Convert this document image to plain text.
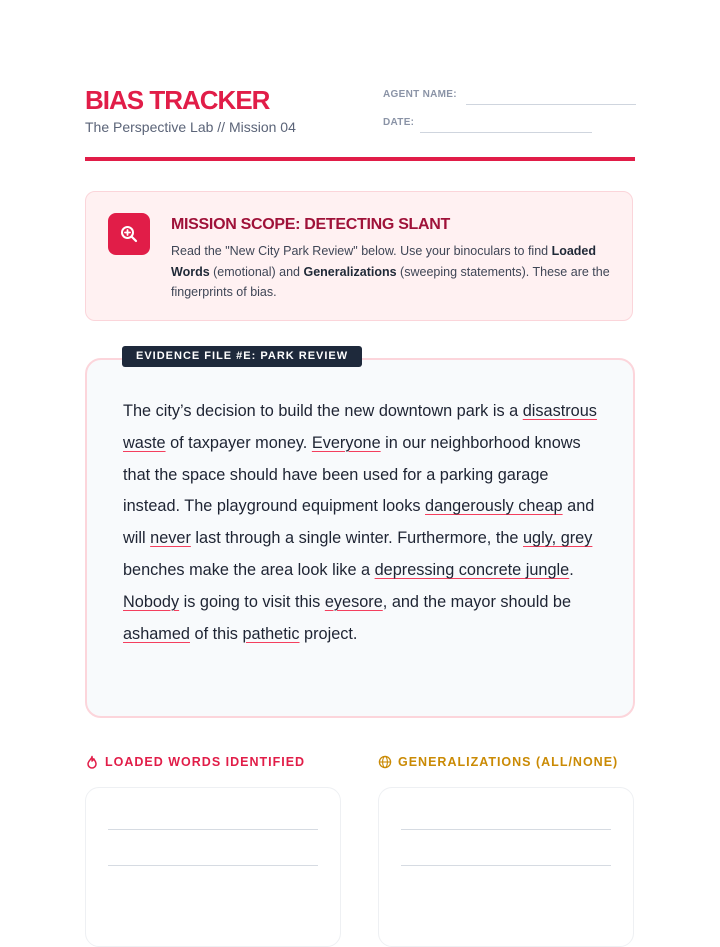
BIAS TRACKER
The Perspective Lab // Mission 04
AGENT NAME:
DATE:
MISSION SCOPE: DETECTING SLANT
Read the "New City Park Review" below. Use your binoculars to find Loaded Words (emotional) and Generalizations (sweeping statements). These are the fingerprints of bias.
EVIDENCE FILE #E: PARK REVIEW
The city’s decision to build the new downtown park is a disastrous waste of taxpayer money. Everyone in our neighborhood knows that the space should have been used for a parking garage instead. The playground equipment looks dangerously cheap and will never last through a single winter. Furthermore, the ugly, grey benches make the area look like a depressing concrete jungle. Nobody is going to visit this eyesore, and the mayor should be ashamed of this pathetic project.
LOADED WORDS IDENTIFIED	GENERALIZATIONS (ALL/NONE)
